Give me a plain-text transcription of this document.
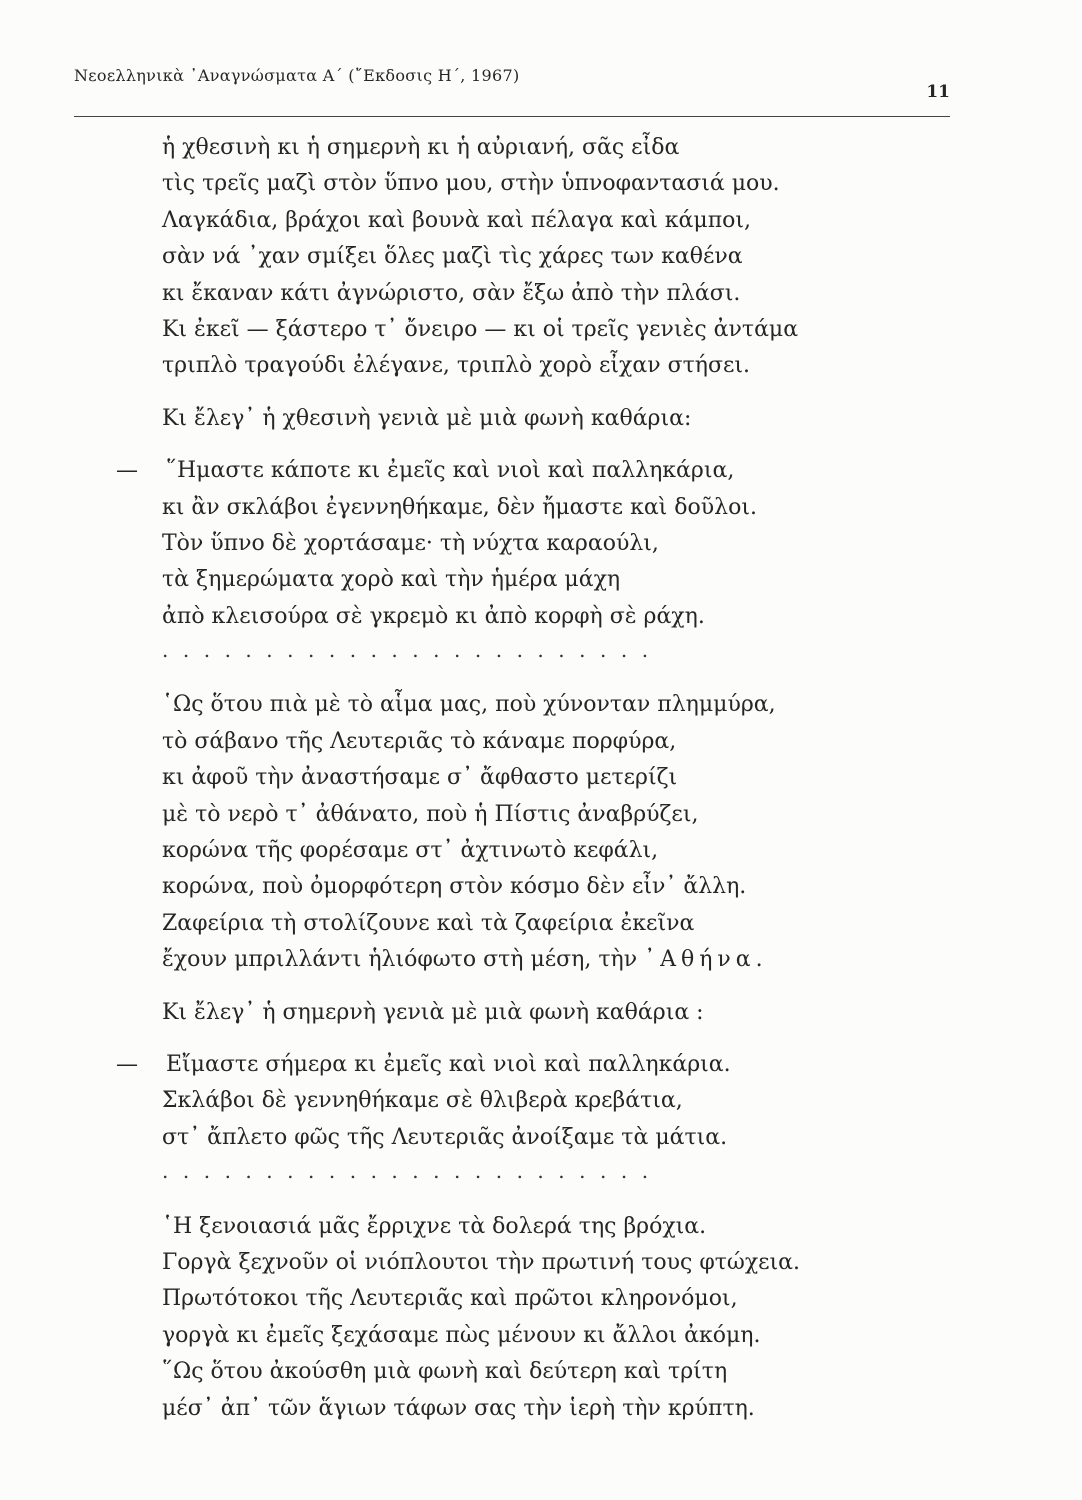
Νεοελληνικὰ ᾿Αναγνώσματα Α΄ (῎Εκδοσις Η΄, 1967)
11
ἡ χθεσινὴ κι ἡ σημερνὴ κι ἡ αὐριανή, σᾶς εἶδα
τὶς τρεῖς μαζὶ στὸν ὕπνο μου, στὴν ὑπνοφαντασιά μου.
Λαγκάδια, βράχοι καὶ βουνὰ καὶ πέλαγα καὶ κάμποι,
σὰν νά ᾿χαν σμίξει ὅλες μαζὶ τὶς χάρες των καθένα
κι ἔκαναν κάτι ἀγνώριστο, σὰν ἔξω ἀπὸ τὴν πλάσι.
Κι ἐκεῖ — ξάστερο τ᾿ ὄνειρο — κι οἱ τρεῖς γενιὲς ἀντάμα
τριπλὸ τραγούδι ἐλέγανε, τριπλὸ χορὸ εἶχαν στήσει.
Κι ἔλεγ᾿ ἡ χθεσινὴ γενιὰ μὲ μιὰ φωνὴ καθάρια:
— ῞Ημαστε κάποτε κι ἐμεῖς καὶ νιοὶ καὶ παλληκάρια,
κι ἂν σκλάβοι ἐγεννηθήκαμε, δὲν ἤμαστε καὶ δοῦλοι.
Τὸν ὕπνο δὲ χορτάσαμε· τὴ νύχτα καραούλι,
τὰ ξημερώματα χορὸ καὶ τὴν ἡμέρα μάχη
ἀπὸ κλεισούρα σὲ γκρεμὸ κι ἀπὸ κορφὴ σὲ ράχη.
........................
῾Ως ὅτου πιὰ μὲ τὸ αἷμα μας, ποὺ χύνονταν πλημμύρα,
τὸ σάβανο τῆς Λευτεριᾶς τὸ κάναμε πορφύρα,
κι ἀφοῦ τὴν ἀναστήσαμε σ᾿ ἄφθαστο μετερίζι
μὲ τὸ νερὸ τ᾿ ἀθάνατο, ποὺ ἡ Πίστις ἀναβρύζει,
κορώνα τῆς φορέσαμε στ᾿ ἀχτινωτὸ κεφάλι,
κορώνα, ποὺ ὀμορφότερη στὸν κόσμο δὲν εἶν᾿ ἄλλη.
Ζαφείρια τὴ στολίζουνε καὶ τὰ ζαφείρια ἐκεῖνα
ἔχουν μπριλλάντι ἡλιόφωτο στὴ μέση, τὴν ᾿Αθήνα.
Κι ἔλεγ᾿ ἡ σημερνὴ γενιὰ μὲ μιὰ φωνὴ καθάρια :
— Εἴμαστε σήμερα κι ἐμεῖς καὶ νιοὶ καὶ παλληκάρια.
Σκλάβοι δὲ γεννηθήκαμε σὲ θλιβερὰ κρεβάτια,
στ᾿ ἄπλετο φῶς τῆς Λευτεριᾶς ἀνοίξαμε τὰ μάτια.
........................
῾Η ξενοιασιά μᾶς ἔρριχνε τὰ δολερά της βρόχια.
Γοργὰ ξεχνοῦν οἱ νιόπλουτοι τὴν πρωτινή τους φτώχεια.
Πρωτότοκοι τῆς Λευτεριᾶς καὶ πρῶτοι κληρονόμοι,
γοργὰ κι ἐμεῖς ξεχάσαμε πὼς μένουν κι ἄλλοι ἀκόμη.
῞Ως ὅτου ἀκούσθη μιὰ φωνὴ καὶ δεύτερη καὶ τρίτη
μέσ᾿ ἀπ᾿ τῶν ἅγιων τάφων σας τὴν ἱερὴ τὴν κρύπτη.
